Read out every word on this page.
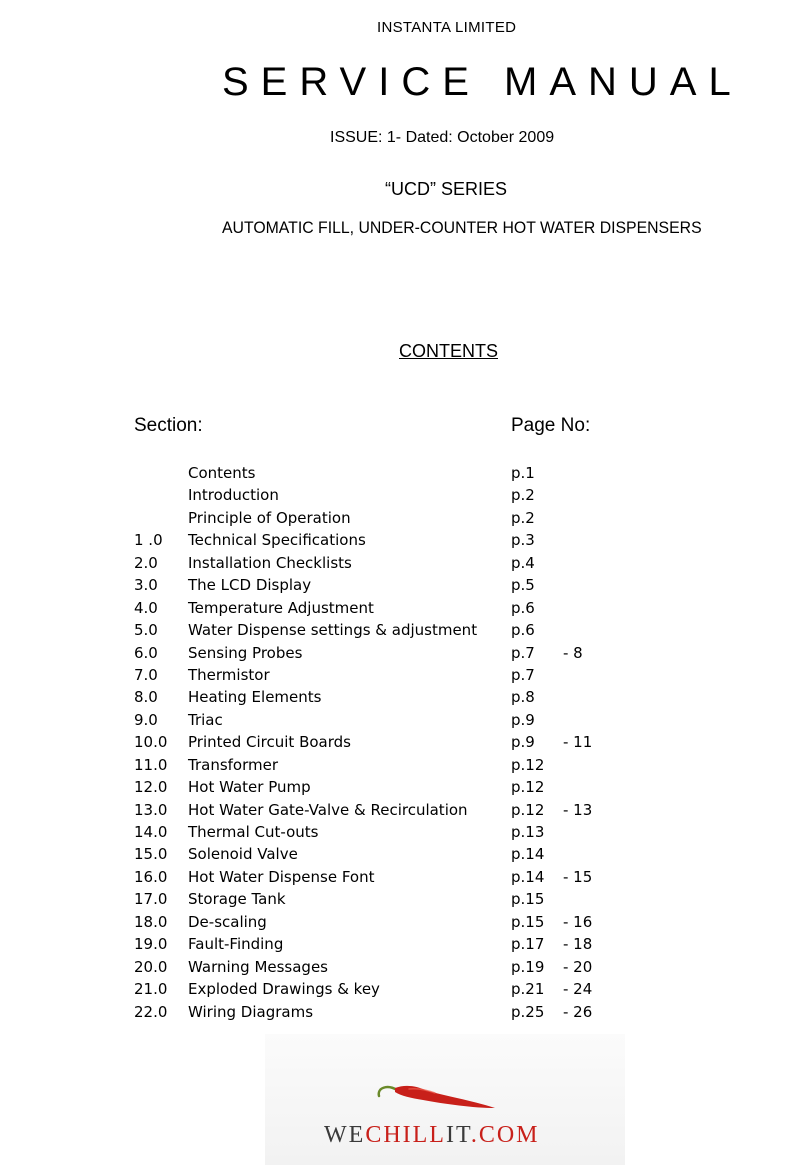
INSTANTA LIMITED
SERVICE MANUAL
ISSUE: 1- Dated: October 2009
“UCD” SERIES
AUTOMATIC FILL, UNDER-COUNTER HOT WATER DISPENSERS
CONTENTS
Section:	Page No:
Contents	p.1
Introduction	p.2
Principle of Operation	p.2
1 .0 Technical Specifications	p.3
2.0 Installation Checklists	p.4
3.0 The LCD Display	p.5
4.0 Temperature Adjustment	p.6
5.0 Water Dispense settings & adjustment p.6
6.0 Sensing Probes	p.7 - 8
7.0 Thermistor	p.7
8.0 Heating Elements	p.8
9.0 Triac	p.9
10.0 Printed Circuit Boards	p.9 - 11
11.0 Transformer	p.12
12.0 Hot Water Pump	p.12
13.0 Hot Water Gate-Valve & Recirculation	p.12 - 13
14.0 Thermal Cut-outs	p.13
15.0 Solenoid Valve	p.14
16.0 Hot Water Dispense Font	p.14 - 15
17.0 Storage Tank	p.15
18.0 De-scaling	p.15 - 16
19.0 Fault-Finding	p.17 - 18
20.0 Warning Messages	p.19 - 20
21.0 Exploded Drawings & key	p.21 - 24
22.0 Wiring Diagrams	p.25 - 26
WECHILLIT.COM
